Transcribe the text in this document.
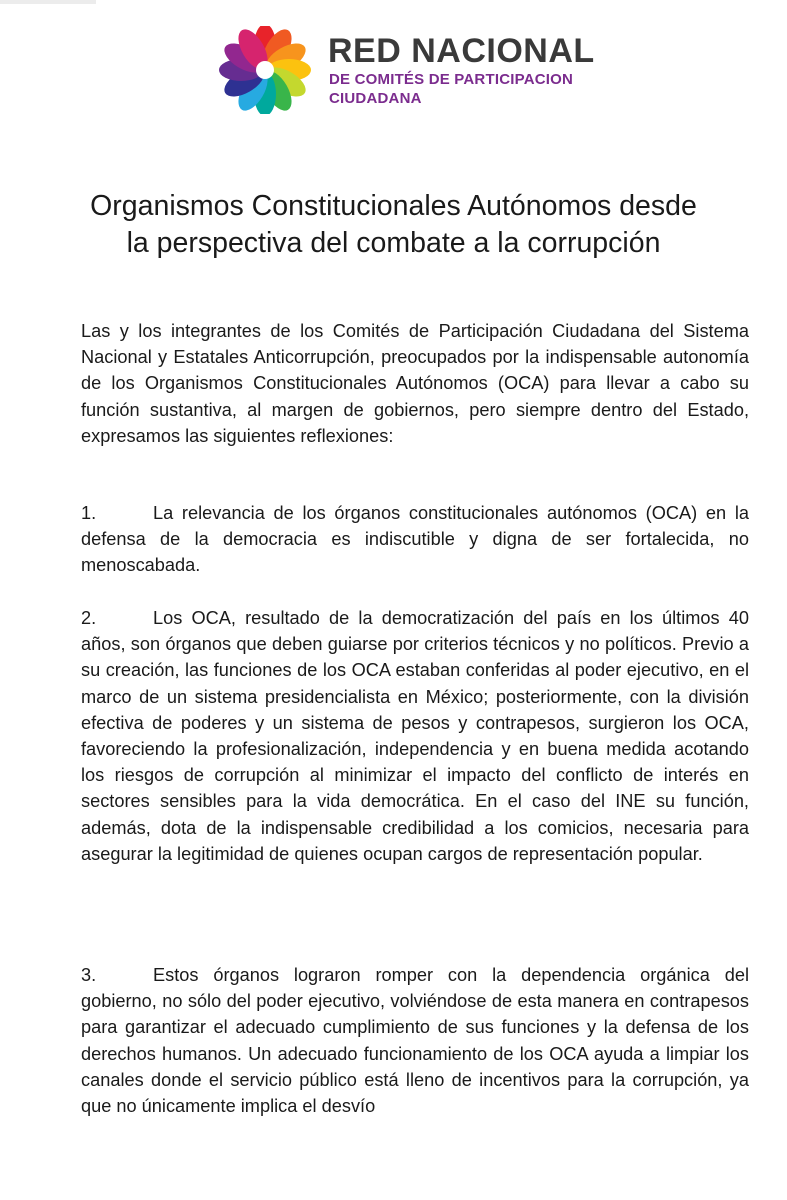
RED NACIONAL
DE COMITÉS DE PARTICIPACION
CIUDADANA
Organismos Constitucionales Autónomos desde
la perspectiva del combate a la corrupción

Las y los integrantes de los Comités de Participación Ciudadana del Sistema Nacional y Estatales Anticorrupción, preocupados por la indispensable autonomía de los Organismos Constitucionales Autónomos (OCA) para llevar a cabo su función sustantiva, al margen de gobiernos, pero siempre dentro del Estado, expresamos las siguientes reflexiones:

1.	La relevancia de los órganos constitucionales autónomos (OCA) en la defensa de la democracia es indiscutible y digna de ser fortalecida, no menoscabada.

2.	Los OCA, resultado de la democratización del país en los últimos 40 años, son órganos que deben guiarse por criterios técnicos y no políticos. Previo a su creación, las funciones de los OCA estaban conferidas al poder ejecutivo, en el marco de un sistema presidencialista en México; posteriormente, con la división efectiva de poderes y un sistema de pesos y contrapesos, surgieron los OCA, favoreciendo la profesionalización, independencia y en buena medida acotando los riesgos de corrupción al minimizar el impacto del conflicto de interés en sectores sensibles para la vida democrática. En el caso del INE su función, además, dota de la indispensable credibilidad a los comicios, necesaria para asegurar la legitimidad de quienes ocupan cargos de representación popular.

3.	Estos órganos lograron romper con la dependencia orgánica del gobierno, no sólo del poder ejecutivo, volviéndose de esta manera en contrapesos para garantizar el adecuado cumplimiento de sus funciones y la defensa de los derechos humanos. Un adecuado funcionamiento de los OCA ayuda a limpiar los canales donde el servicio público está lleno de incentivos para la corrupción, ya que no únicamente implica el desvío
